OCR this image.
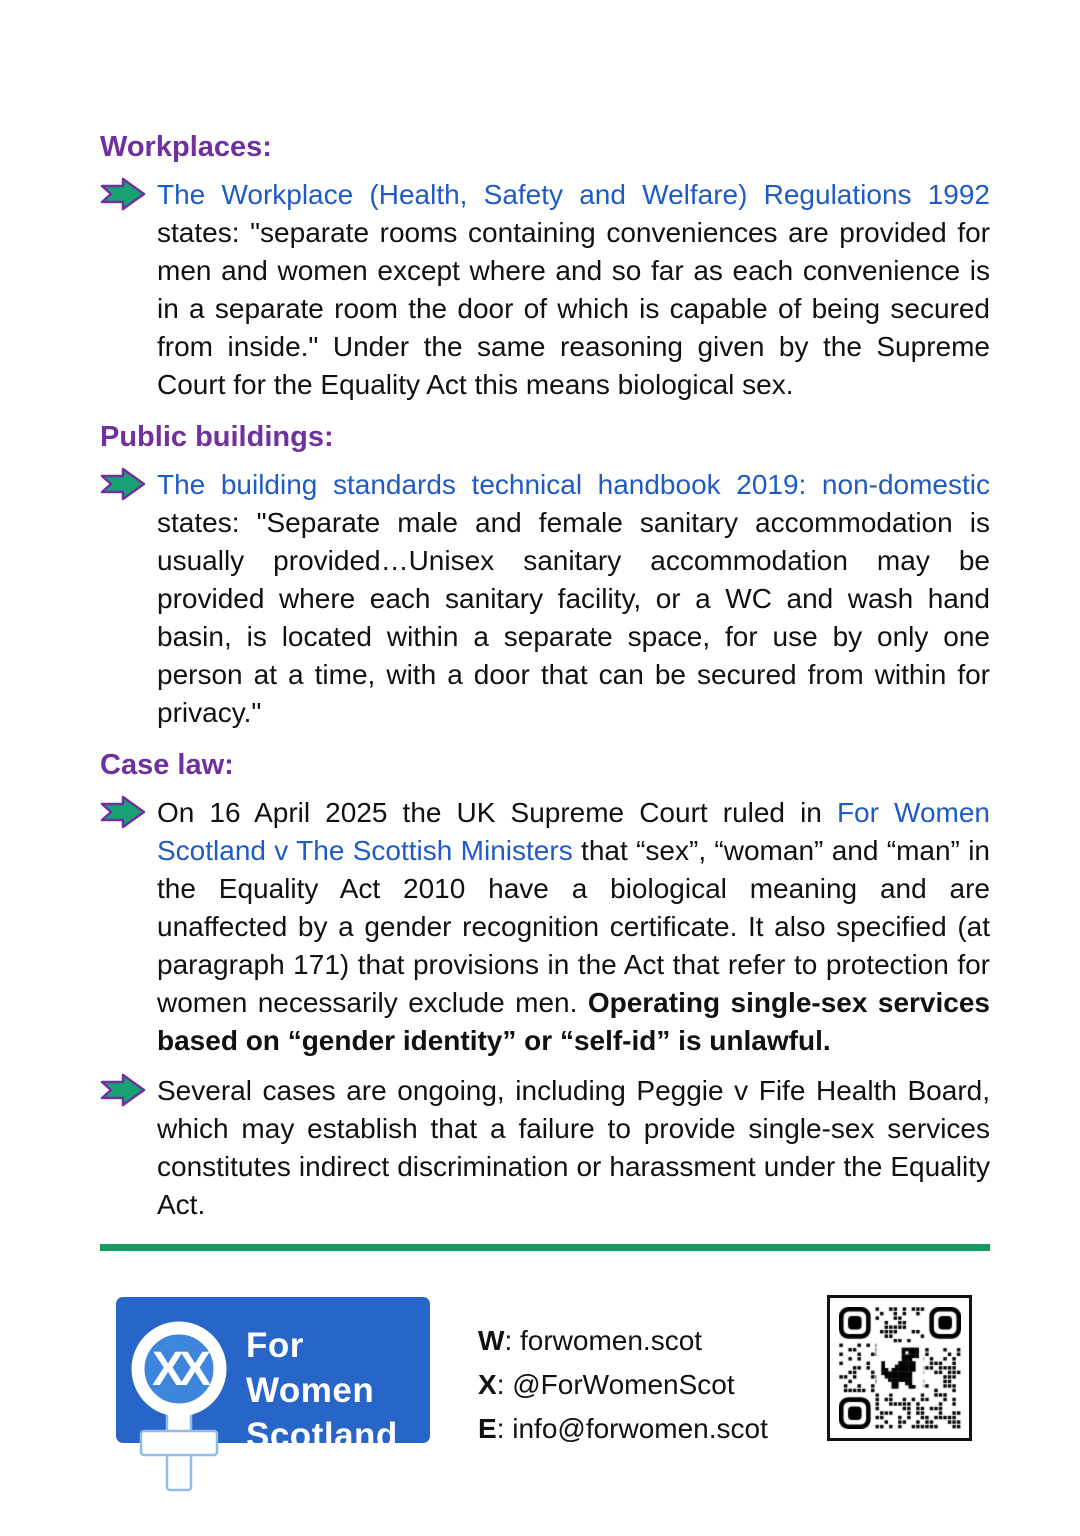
Workplaces:

The Workplace (Health, Safety and Welfare) Regulations 1992 states: "separate rooms containing conveniences are provided for men and women except where and so far as each convenience is in a separate room the door of which is capable of being secured from inside." Under the same reasoning given by the Supreme Court for the Equality Act this means biological sex.

Public buildings:

The building standards technical handbook 2019: non-domestic states: "Separate male and female sanitary accommodation is usually provided…Unisex sanitary accommodation may be provided where each sanitary facility, or a WC and wash hand basin, is located within a separate space, for use by only one person at a time, with a door that can be secured from within for privacy."

Case law:

On 16 April 2025 the UK Supreme Court ruled in For Women Scotland v The Scottish Ministers that “sex”, “woman” and “man” in the Equality Act 2010 have a biological meaning and are unaffected by a gender recognition certificate. It also specified (at paragraph 171) that provisions in the Act that refer to protection for women necessarily exclude men. Operating single-sex services based on “gender identity” or “self-id” is unlawful.

Several cases are ongoing, including Peggie v Fife Health Board, which may establish that a failure to provide single-sex services constitutes indirect discrimination or harassment under the Equality Act.

XX For Women
Scotland
W: forwomen.scot
X: @ForWomenScot
E: info@forwomen.scot
